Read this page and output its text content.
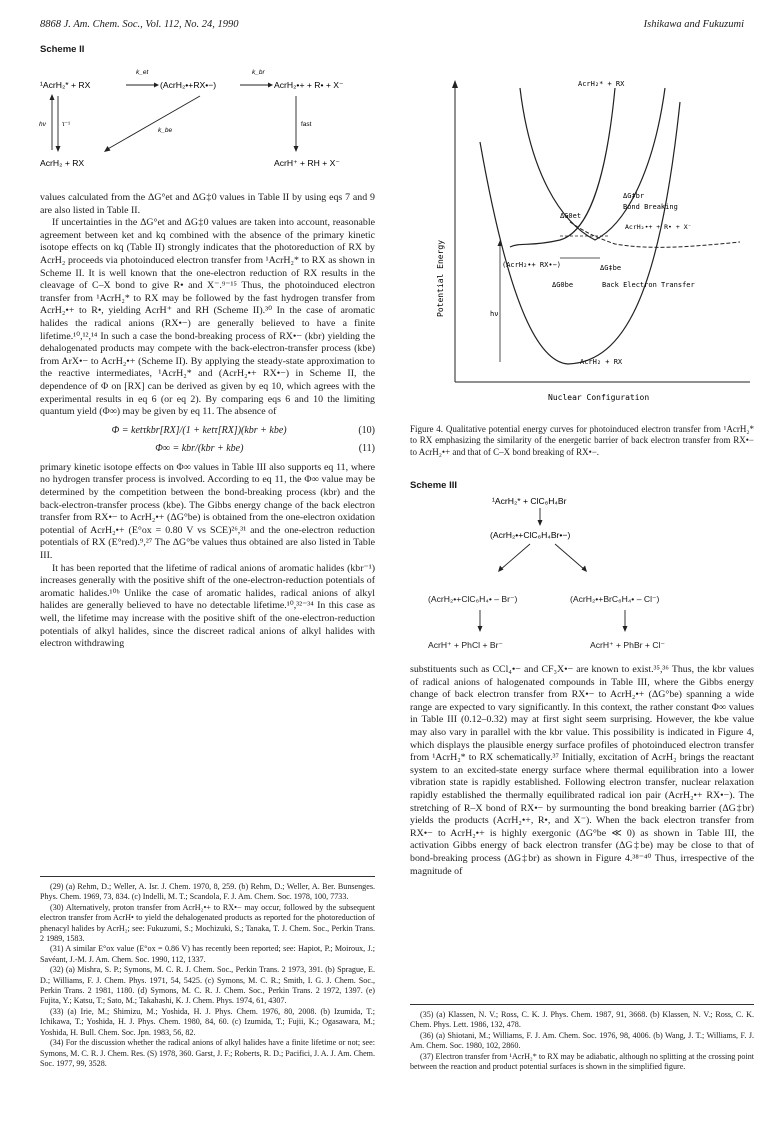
8868 J. Am. Chem. Soc., Vol. 112, No. 24, 1990	Ishikawa and Fukuzumi
Scheme II
¹AcrH₂* + RX
k_et
(AcrH₂•+RX•−)
k_br
AcrH₂•+ + R• + X⁻
hν τ⁻¹
k_be
fast
AcrH₂ + RX	AcrH⁺ + RH + X⁻

values calculated from the ΔG°et and ΔG‡0 values in Table II by using eqs 7 and 9 are also listed in Table II.

If uncertainties in the ΔG°et and ΔG‡0 values are taken into account, reasonable agreement between ket and kq combined with the absence of the primary kinetic isotope effects on kq (Table II) strongly indicates that the photoreduction of RX by AcrH₂ proceeds via photoinduced electron transfer from ¹AcrH₂* to RX as shown in Scheme II. It is well known that the one-electron reduction of RX results in the cleavage of C–X bond to give R• and X⁻.⁹⁻¹⁵ Thus, the photoinduced electron transfer from ¹AcrH₂* to RX may be followed by the fast hydrogen transfer from AcrH₂•+ to R•, yielding AcrH⁺ and RH (Scheme II).³⁰ In the case of aromatic halides the radical anions (RX•−) are generally believed to have a finite lifetime.¹⁰,¹²,¹⁴ In such a case the bond-breaking process of RX•− (kbr) yielding the dehalogenated products may compete with the back-electron-transfer process (kbe) from ArX•− to AcrH₂•+ (Scheme II). By applying the steady-state approximation to the reactive intermediates, ¹AcrH₂* and (AcrH₂•+ RX•−) in Scheme II, the dependence of Φ on [RX] can be derived as given by eq 10, which agrees with the experimental results in eq 6 (or eq 2). By comparing eqs 6 and 10 the limiting quantum yield (Φ∞) may be given by eq 11. The absence of

Φ = ketτkbr[RX]/(1 + ketτ[RX])(kbr + kbe)	(10)
Φ∞ = kbr/(kbr + kbe)	(11)

primary kinetic isotope effects on Φ∞ values in Table III also supports eq 11, where no hydrogen transfer process is involved. According to eq 11, the Φ∞ value may be determined by the competition between the bond-breaking process (kbr) and the back-electron-transfer process (kbe). The Gibbs energy change of the back electron transfer from RX•− to AcrH₂•+ (ΔG°be) is obtained from the one-electron oxidation potential of AcrH₂•+ (E°ox = 0.80 V vs SCE)²⁶,³¹ and the one-electron reduction potentials of RX (E°red).⁹,²⁷ The ΔG°be values thus obtained are also listed in Table III.

It has been reported that the lifetime of radical anions of aromatic halides (kbr⁻¹) increases generally with the positive shift of the one-electron-reduction potentials of aromatic halides.¹⁰ᵇ Unlike the case of aromatic halides, radical anions of alkyl halides are generally believed to have no detectable lifetime.¹⁰,³²⁻³⁴ In this case as well, the lifetime may increase with the positive shift of the one-electron-reduction potentials of alkyl halides, since the discreet radical anions of alkyl halides with electron withdrawing

(29) (a) Rehm, D.; Weller, A. Isr. J. Chem. 1970, 8, 259. (b) Rehm, D.; Weller, A. Ber. Bunsenges. Phys. Chem. 1969, 73, 834. (c) Indelli, M. T.; Scandola, F. J. Am. Chem. Soc. 1978, 100, 7733.

(30) Alternatively, proton transfer from AcrH₂•+ to RX•− may occur, followed by the subsequent electron transfer from AcrH• to yield the dehalogenated products as reported for the photoreduction of phenacyl halides by AcrH₂; see: Fukuzumi, S.; Mochizuki, S.; Tanaka, T. J. Chem. Soc., Perkin Trans. 2 1989, 1583.

(31) A similar E°ox value (E°ox = 0.86 V) has recently been reported; see: Hapiot, P.; Moiroux, J.; Savéant, J.-M. J. Am. Chem. Soc. 1990, 112, 1337.

(32) (a) Mishra, S. P.; Symons, M. C. R. J. Chem. Soc., Perkin Trans. 2 1973, 391. (b) Sprague, E. D.; Williams, F. J. Chem. Phys. 1971, 54, 5425. (c) Symons, M. C. R.; Smith, I. G. J. Chem. Soc., Perkin Trans. 2 1981, 1180. (d) Symons, M. C. R. J. Chem. Soc., Perkin Trans. 2 1972, 1397. (e) Fujita, Y.; Katsu, T.; Sato, M.; Takahashi, K. J. Chem. Phys. 1974, 61, 4307.

(33) (a) Irie, M.; Shimizu, M.; Yoshida, H. J. Phys. Chem. 1976, 80, 2008. (b) Izumida, T.; Ichikawa, T.; Yoshida, H. J. Phys. Chem. 1980, 84, 60. (c) Izumida, T.; Fujii, K.; Ogasawara, M.; Yoshida, H. Bull. Chem. Soc. Jpn. 1983, 56, 82.

(34) For the discussion whether the radical anions of alkyl halides have a finite lifetime or not; see: Symons, M. C. R. J. Chem. Res. (S) 1978, 360. Garst, J. F.; Roberts, R. D.; Pacifici, J. A. J. Am. Chem. Soc. 1977, 99, 3528.

Potential Energy
Nuclear Configuration
AcrH₂* + RX
AcrH₂ + RX
(AcrH₂•+ RX•−)
AcrH₂•+ + R• + X⁻
ΔG‡br
Bond Breaking
ΔG0et
ΔG‡be
ΔG0be	Back Electron Transfer
hν
Figure 4. Qualitative potential energy curves for photoinduced electron transfer from ¹AcrH₂* to RX emphasizing the similarity of the energetic barrier of back electron transfer from RX•− to AcrH₂•+ and that of C–X bond breaking of RX•−.
Scheme III
¹AcrH₂* + ClC₆H₄Br
(AcrH₂•+ClC₆H₄Br•−)
(AcrH₂•+ClC₆H₄• – Br⁻)	(AcrH₂•+BrC₆H₄• – Cl⁻)
AcrH⁺ + PhCl + Br⁻	AcrH⁺ + PhBr + Cl⁻

substituents such as CCl₄•− and CF₃X•− are known to exist.³⁵,³⁶ Thus, the kbr values of radical anions of halogenated compounds in Table III, where the Gibbs energy change of back electron transfer from RX•− to AcrH₂•+ (ΔG°be) spanning a wide range are expected to vary significantly. In this context, the rather constant Φ∞ values in Table III (0.12–0.32) may at first sight seem surprising. However, the kbe value may also vary in parallel with the kbr value. This possibility is indicated in Figure 4, which displays the plausible energy surface profiles of photoinduced electron transfer from ¹AcrH₂* to RX schematically.³⁷ Initially, excitation of AcrH₂ brings the reactant system to an excited-state energy surface where thermal equilibration into a lower vibration state is rapidly established. Following electron transfer, nuclear relaxation rapidly established the thermally equilibrated radical ion pair (AcrH₂•+ RX•−). The stretching of R–X bond of RX•− by surmounting the bond breaking barrier (ΔG‡br) yields the products (AcrH₂•+, R•, and X⁻). When the back electron transfer from RX•− to AcrH₂•+ is highly exergonic (ΔG°be ≪ 0) as shown in Table III, the activation Gibbs energy of back electron transfer (ΔG‡be) may be close to that of bond-breaking process (ΔG‡br) as shown in Figure 4.³⁸⁻⁴⁰ Thus, irrespective of the magnitude of

(35) (a) Klassen, N. V.; Ross, C. K. J. Phys. Chem. 1987, 91, 3668. (b) Klassen, N. V.; Ross, C. K. Chem. Phys. Lett. 1986, 132, 478.

(36) (a) Shiotani, M.; Williams, F. J. Am. Chem. Soc. 1976, 98, 4006. (b) Wang, J. T.; Williams, F. J. Am. Chem. Soc. 1980, 102, 2860.

(37) Electron transfer from ¹AcrH₂* to RX may be adiabatic, although no splitting at the crossing point between the reaction and product potential surfaces is shown in the simplified figure.
